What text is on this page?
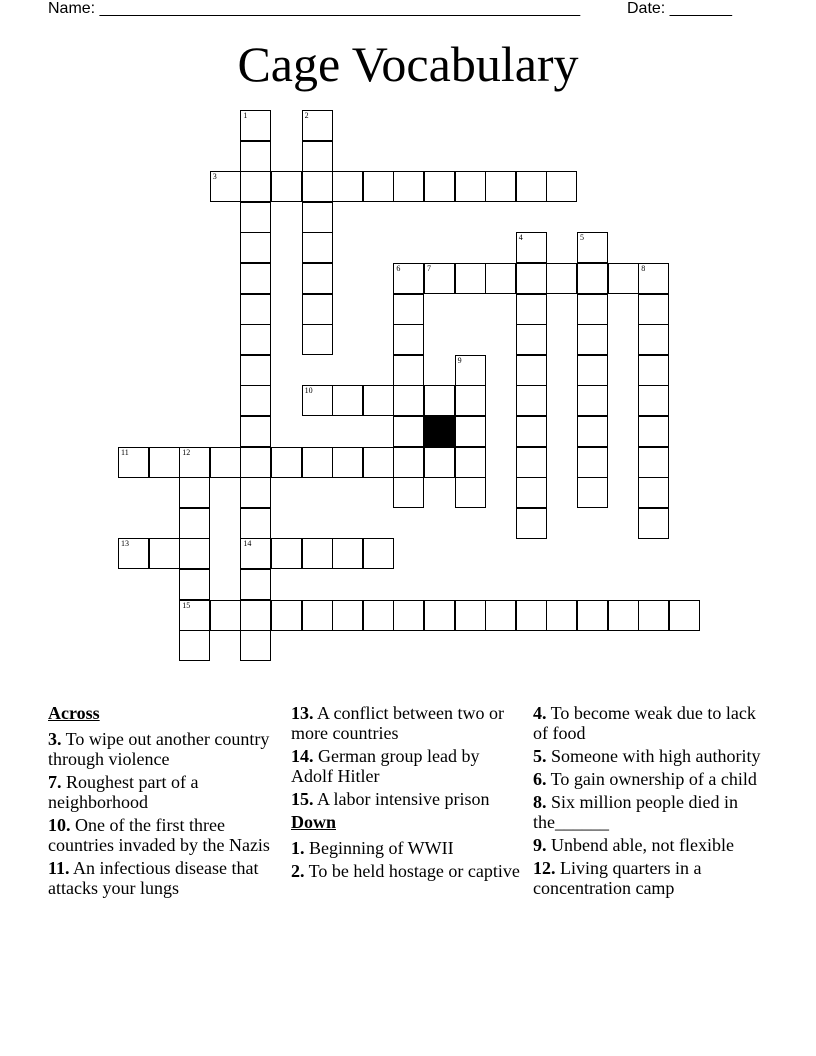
Name: ______________________________________________________	Date: _______
Cage Vocabulary
3
7
10
11	12
13	14
15
1	2
4	5
6	8
9
Across
3. To wipe out another country through violence
7. Roughest part of a neighborhood
10. One of the first three countries invaded by the Nazis
11. An infectious disease that attacks your lungs
13. A conflict between two or more countries
14. German group lead by Adolf Hitler
15. A labor intensive prison
Down
1. Beginning of WWII
2. To be held hostage or captive
4. To become weak due to lack of food
5. Someone with high authority
6. To gain ownership of a child
8. Six million people died in the______
9. Unbend able, not flexible
12. Living quarters in a concentration camp
